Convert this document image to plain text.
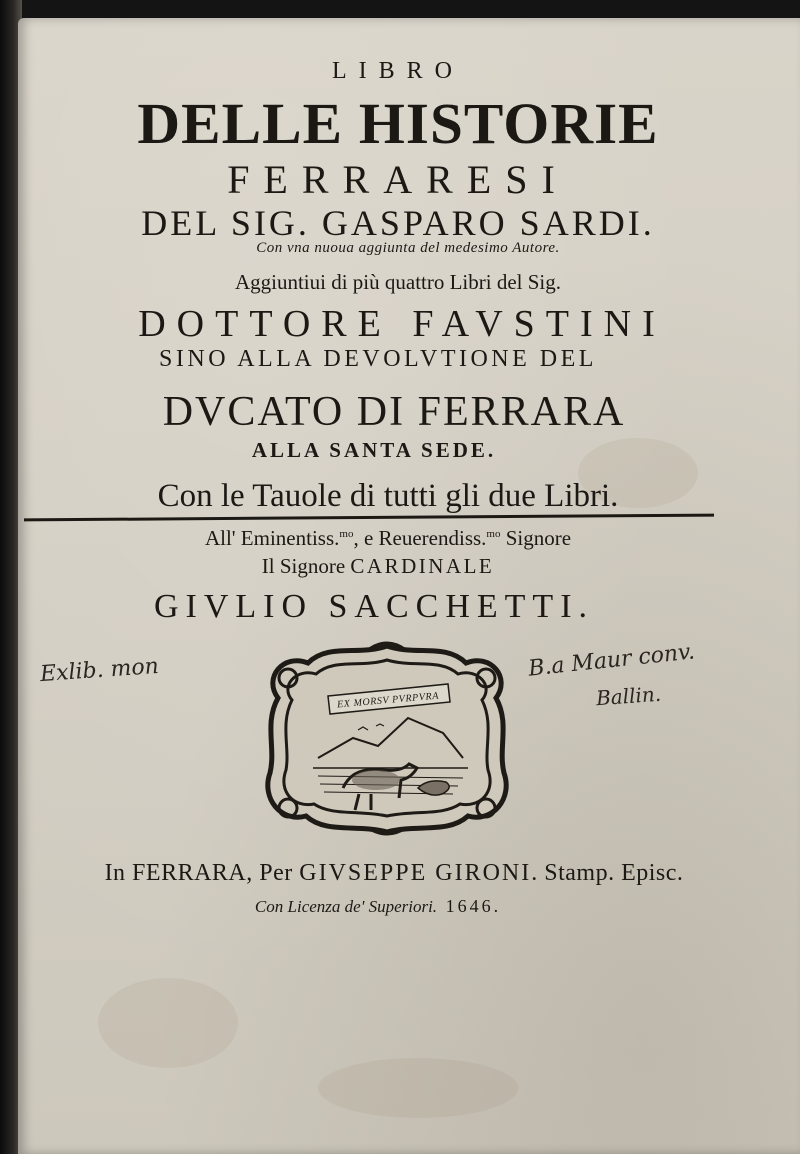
LIBRO
DELLE HISTORIE
FERRARESI
DEL SIG. GASPARO SARDI.
Con vna nuoua aggiunta del medesimo Autore.
Aggiuntiui di più quattro Libri del Sig.
DOTTORE FAVSTINI
SINO ALLA DEVOLVTIONE DEL
DVCATO DI FERRARA
ALLA SANTA SEDE.
Con le Tauole di tutti gli due Libri.
All' Eminentiss.$^{mo}$, e Reuerendiss.$^{mo}$ Signore
Il Signore CARDINALE
GIVLIO SACCHETTI.
Exlib. mon	B.a Maur conv.
Ballin.
EX MORSV PVRPVRA
In FERRARA, Per GIVSEPPE GIRONI. Stamp. Episc.
Con Licenza de' Superiori. 1646.
